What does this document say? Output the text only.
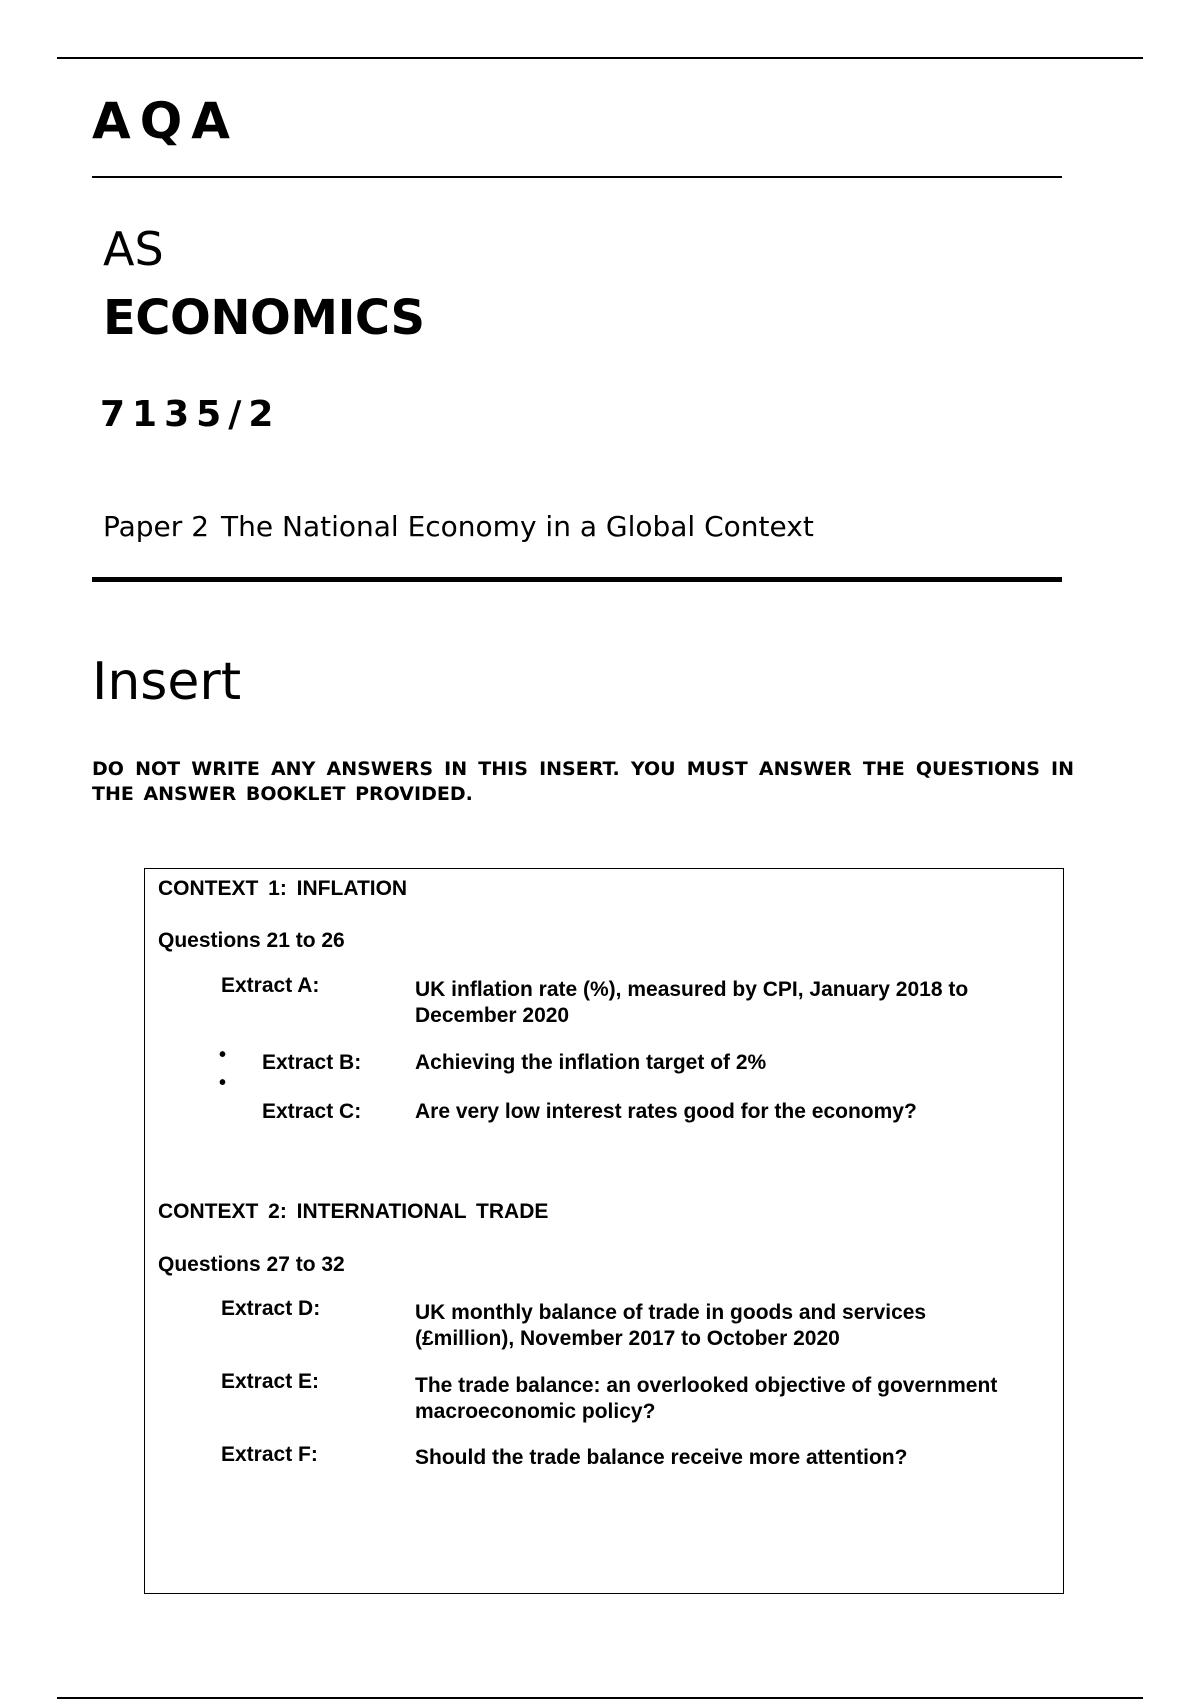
AQA
AS
ECONOMICS
7135/2
Paper 2 The National Economy in a Global Context
Insert
DO NOT WRITE ANY ANSWERS IN THIS INSERT. YOU MUST ANSWER THE QUESTIONS IN THE ANSWER BOOKLET PROVIDED.
CONTEXT 1: INFLATION
Questions 21 to 26
Extract A:	UK inflation rate (%), measured by CPI, January 2018 to December 2020
•
•
Extract B:	Achieving the inflation target of 2%
Extract C:	Are very low interest rates good for the economy?
CONTEXT 2: INTERNATIONAL TRADE
Questions 27 to 32
Extract D:	UK monthly balance of trade in goods and services (£million), November 2017 to October 2020
Extract E:	The trade balance: an overlooked objective of government macroeconomic policy?
Extract F:	Should the trade balance receive more attention?
